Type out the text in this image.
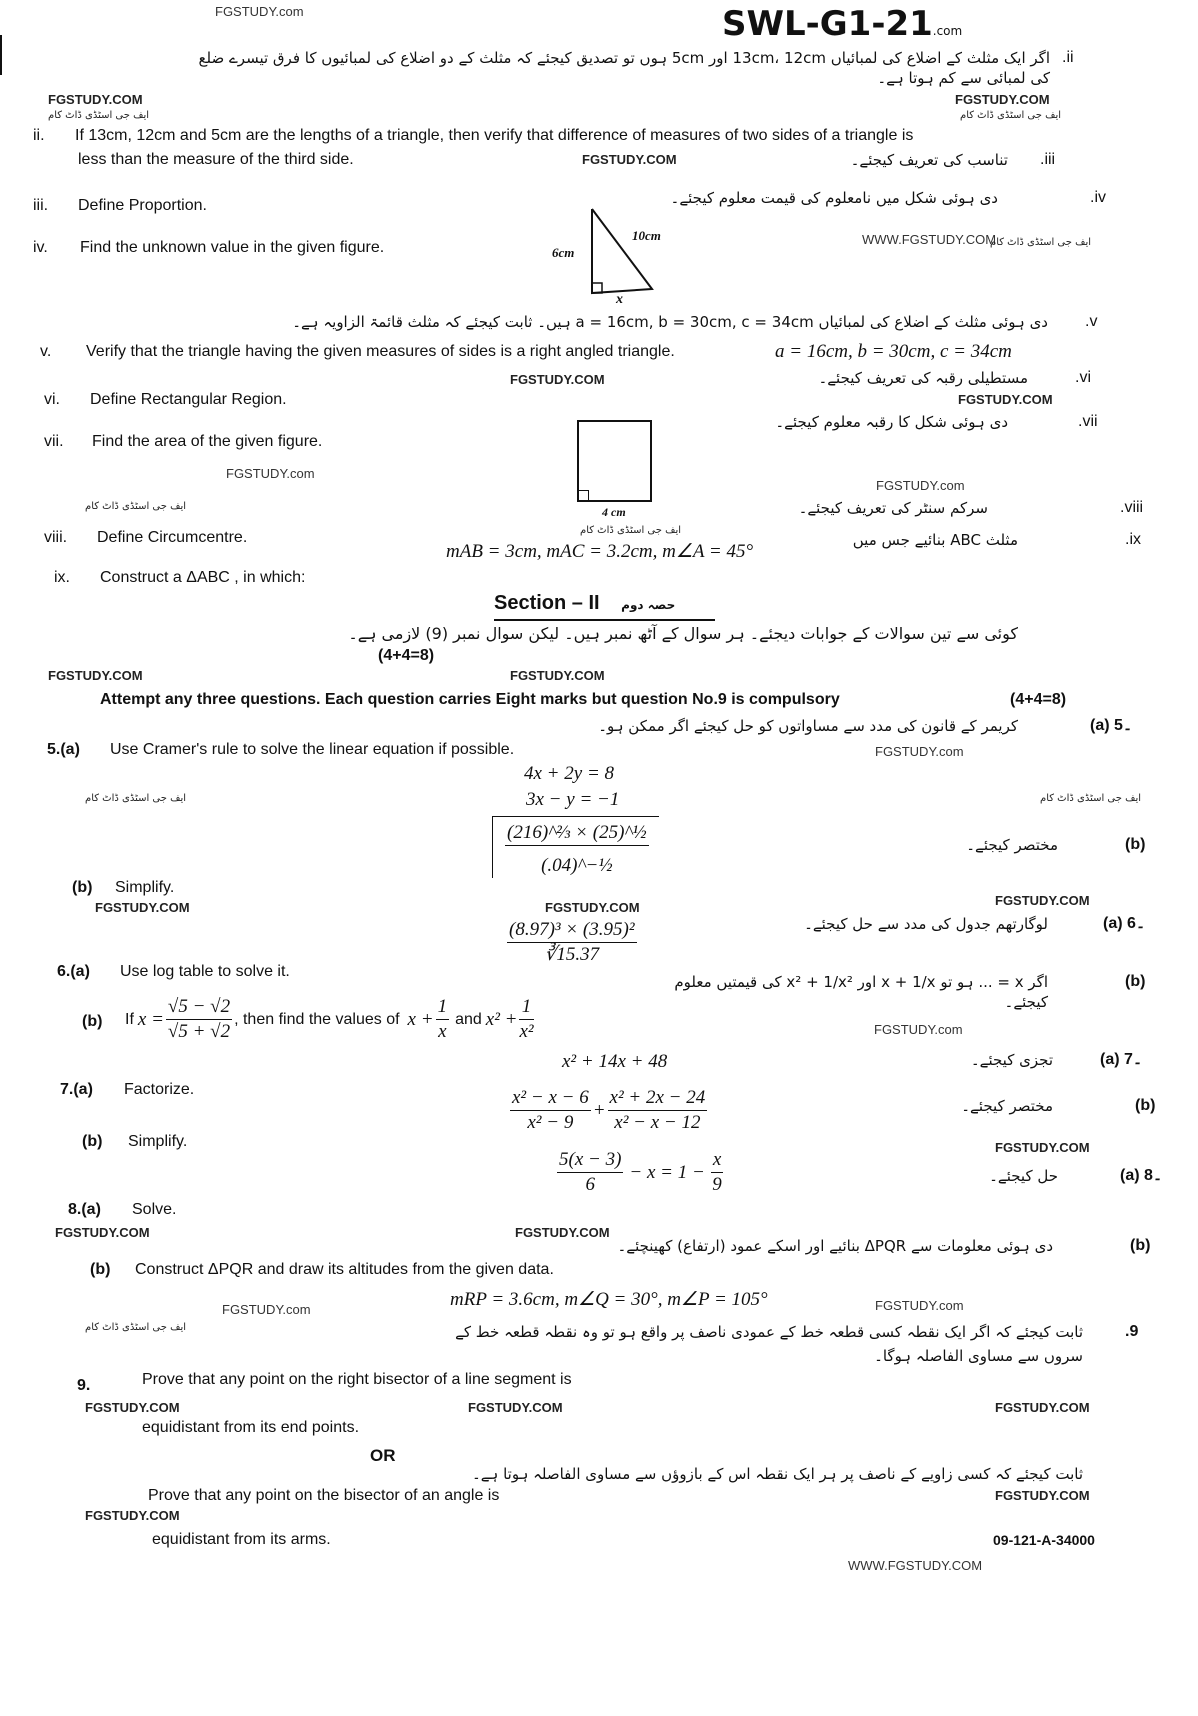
SWL-G1-21.com
FGSTUDY.com
FGSTUDY.COM	FGSTUDY.COM
ایف جی اسٹڈی ڈاٹ کام	ایف جی اسٹڈی ڈاٹ کام
FGSTUDY.COM
WWW.FGSTUDY.COM
ایف جی اسٹڈی ڈاٹ کام
FGSTUDY.COM
FGSTUDY.COM
FGSTUDY.com
FGSTUDY.com
ایف جی اسٹڈی ڈاٹ کام
ایف جی اسٹڈی ڈاٹ کام
FGSTUDY.COM	FGSTUDY.COM
FGSTUDY.com
ایف جی اسٹڈی ڈاٹ کام	ایف جی اسٹڈی ڈاٹ کام
FGSTUDY.COM	FGSTUDY.COM	FGSTUDY.COM
FGSTUDY.com
FGSTUDY.COM
FGSTUDY.COM	FGSTUDY.COM
FGSTUDY.com	FGSTUDY.com
ایف جی اسٹڈی ڈاٹ کام
FGSTUDY.COM	FGSTUDY.COM	FGSTUDY.COM
FGSTUDY.COM
FGSTUDY.COM
WWW.FGSTUDY.COM
اگر ایک مثلث کے اضلاع کی لمبائیاں 13cm، 12cm اور 5cm ہوں تو تصدیق کیجئے کہ مثلث کے دو اضلاع کی لمبائیوں کا فرق تیسرے ضلع کی لمبائی سے کم ہوتا ہے۔
.ii
ii. If 13cm, 12cm and 5cm are the lengths of a triangle, then verify that difference of measures of two sides of a triangle is
less than the measure of the third side.
iii. Define Proportion.
تناسب کی تعریف کیجئے۔ .iii
iv. Find the unknown value in the given figure.
دی ہوئی شکل میں نامعلوم کی قیمت معلوم کیجئے۔	.iv
6cm
10cm
x
دی ہوئی مثلث کے اضلاع کی لمبائیاں a = 16cm, b = 30cm, c = 34cm ہیں۔ ثابت کیجئے کہ مثلث قائمۃ الزاویہ ہے۔ .v
v. Verify that the triangle having the given measures of sides is a right angled triangle.	a = 16cm, b = 30cm, c = 34cm
vi. Define Rectangular Region.
مستطیلی رقبہ کی تعریف کیجئے۔	.vi
vii. Find the area of the given figure.
دی ہوئی شکل کا رقبہ معلوم کیجئے۔	.vii
4 cm
viii. Define Circumcentre.
سرکم سنٹر کی تعریف کیجئے۔	.viii
ix. Construct a ΔABC , in which:
mAB = 3cm, mAC = 3.2cm, m∠A = 45°
مثلث ABC بنائیے جس میں	.ix
Section – II حصہ دوم
کوئی سے تین سوالات کے جوابات دیجئے۔ ہر سوال کے آٹھ نمبر ہیں۔ لیکن سوال نمبر (9) لازمی ہے۔
(4+4=8)
Attempt any three questions. Each question carries Eight marks but question No.9 is compulsory	(4+4=8)
5.(a) Use Cramer's rule to solve the linear equation if possible.
کریمر کے قانون کی مدد سے مساواتوں کو حل کیجئے اگر ممکن ہو۔	(a) 5۔
4x + 2y = 8
3x − y = −1
$\frac{\text{(216)\textasciicircum{}⅔ × (25)\textasciicircum{}½}}{\text{(.04)\textasciicircum{}−½}}$
(b) Simplify.
مختصر کیجئے۔	(b)
$\frac{\text{(8.97)³ × (3.95)²}}{∛15.37}$
6.(a) Use log table to solve it.
لوگارتھم جدول کی مدد سے حل کیجئے۔	(a) 6۔
(b) If $x = \frac{√5 - √2}{√5 + √2}$ , then find the values of $x + \frac{1}{x}$ and $x^2 + \frac{1}{\text{x²}}$
اگر x = ... ہو تو x + 1/x اور x² + 1/x² کی قیمتیں معلوم کیجئے۔
(b)
x² + 14x + 48
7.(a) Factorize.
تجزی کیجئے۔	(a) 7۔
$\frac{\text{x² − x − 6}}{\text{x² − 9}} + \frac{\text{x² + 2x − 24}}{\text{x² − x − 12}}$
(b) Simplify.
مختصر کیجئے۔	(b)
$\frac{5(x - 3)}{6} - x = 1 - \frac{x}{9}$
8.(a) Solve.
حل کیجئے۔	(a) 8۔
(b) Construct ΔPQR and draw its altitudes from the given data.
دی ہوئی معلومات سے ΔPQR بنائیے اور اسکے عمود (ارتفاع) کھینچئے۔	(b)
mRP = 3.6cm, m∠Q = 30°, m∠P = 105°
ثابت کیجئے کہ اگر ایک نقطہ کسی قطعہ خط کے عمودی ناصف پر واقع ہو تو وہ نقطہ قطعہ خط کے	.9
سروں سے مساوی الفاصلہ ہوگا۔
9.	Prove that any point on the right bisector of a line segment is
equidistant from its end points.
OR
ثابت کیجئے کہ کسی زاویے کے ناصف پر ہر ایک نقطہ اس کے بازوؤں سے مساوی الفاصلہ ہوتا ہے۔
Prove that any point on the bisector of an angle is
equidistant from its arms.	09-121-A-34000
